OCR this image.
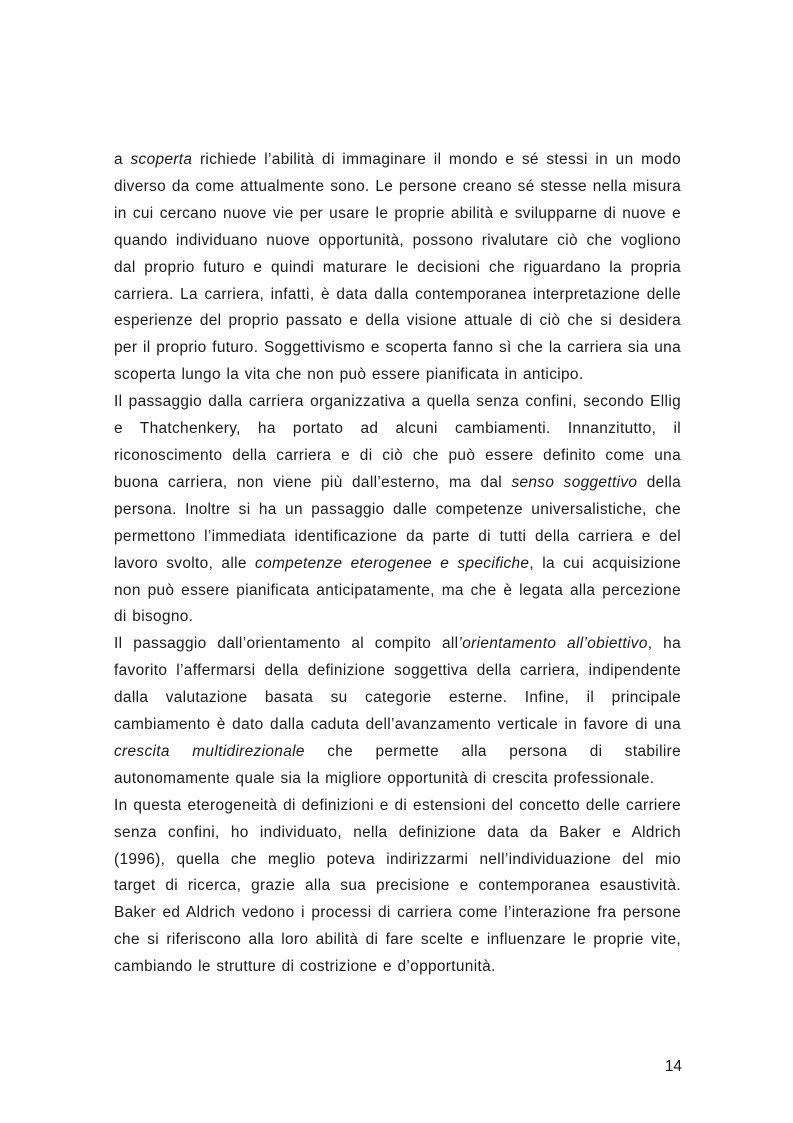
a scoperta richiede l’abilità di immaginare il mondo e sé stessi in un modo diverso da come attualmente sono. Le persone creano sé stesse nella misura in cui cercano nuove vie per usare le proprie abilità e svilupparne di nuove e quando individuano nuove opportunità, possono rivalutare ciò che vogliono dal proprio futuro e quindi maturare le decisioni che riguardano la propria carriera. La carriera, infatti, è data dalla contemporanea interpretazione delle esperienze del proprio passato e della visione attuale di ciò che si desidera per il proprio futuro. Soggettivismo e scoperta fanno sì che la carriera sia una scoperta lungo la vita che non può essere pianificata in anticipo.

Il passaggio dalla carriera organizzativa a quella senza confini, secondo Ellig e Thatchenkery, ha portato ad alcuni cambiamenti. Innanzitutto, il riconoscimento della carriera e di ciò che può essere definito come una buona carriera, non viene più dall’esterno, ma dal senso soggettivo della persona. Inoltre si ha un passaggio dalle competenze universalistiche, che permettono l’immediata identificazione da parte di tutti della carriera e del lavoro svolto, alle competenze eterogenee e specifiche, la cui acquisizione non può essere pianificata anticipatamente, ma che è legata alla percezione di bisogno.

Il passaggio dall’orientamento al compito all’orientamento all’obiettivo, ha favorito l’affermarsi della definizione soggettiva della carriera, indipendente dalla valutazione basata su categorie esterne. Infine, il principale cambiamento è dato dalla caduta dell’avanzamento verticale in favore di una crescita multidirezionale che permette alla persona di stabilire autonomamente quale sia la migliore opportunità di crescita professionale.

In questa eterogeneità di definizioni e di estensioni del concetto delle carriere senza confini, ho individuato, nella definizione data da Baker e Aldrich (1996), quella che meglio poteva indirizzarmi nell’individuazione del mio target di ricerca, grazie alla sua precisione e contemporanea esaustività. Baker ed Aldrich vedono i processi di carriera come l’interazione fra persone che si riferiscono alla loro abilità di fare scelte e influenzare le proprie vite, cambiando le strutture di costrizione e d’opportunità.

14
